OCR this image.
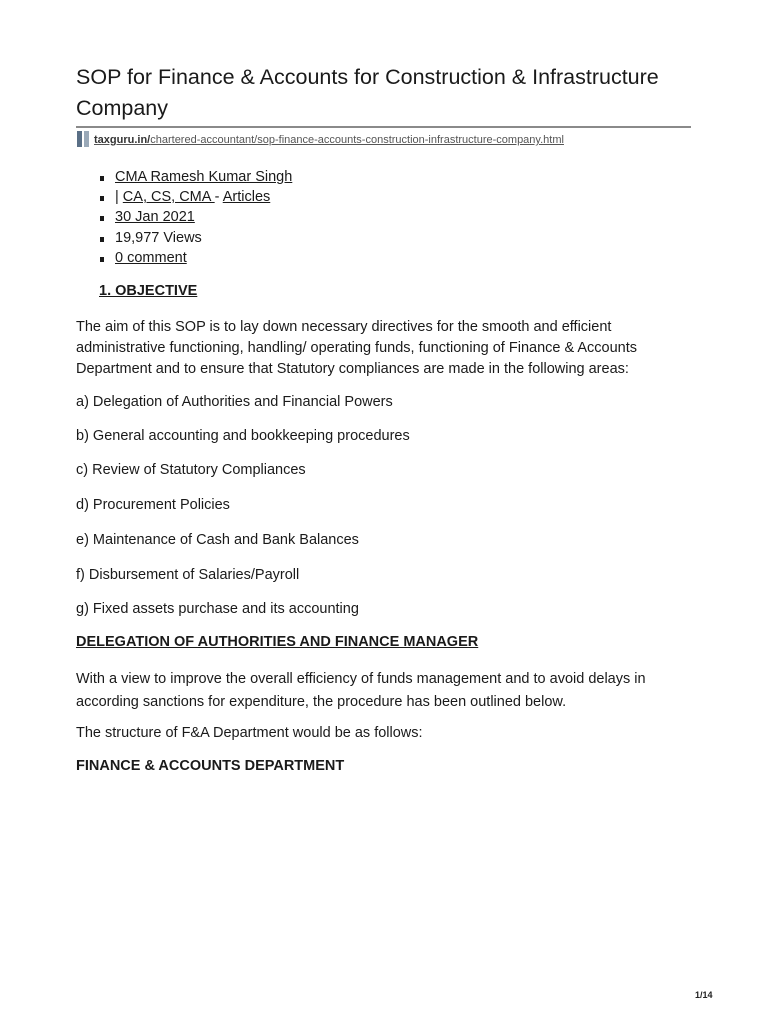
SOP for Finance & Accounts for Construction & Infrastructure Company
taxguru.in/chartered-accountant/sop-finance-accounts-construction-infrastructure-company.html
CMA Ramesh Kumar Singh
| CA, CS, CMA - Articles
30 Jan 2021
19,977 Views
0 comment
1. OBJECTIVE

The aim of this SOP is to lay down necessary directives for the smooth and efficient administrative functioning, handling/ operating funds, functioning of Finance & Accounts Department and to ensure that Statutory compliances are made in the following areas:

a) Delegation of Authorities and Financial Powers

b) General accounting and bookkeeping procedures

c) Review of Statutory Compliances

d) Procurement Policies

e) Maintenance of Cash and Bank Balances

f) Disbursement of Salaries/Payroll

g) Fixed assets purchase and its accounting

DELEGATION OF AUTHORITIES AND FINANCE MANAGER

With a view to improve the overall efficiency of funds management and to avoid delays in according sanctions for expenditure, the procedure has been outlined below.

The structure of F&A Department would be as follows:

FINANCE & ACCOUNTS DEPARTMENT
1/14
